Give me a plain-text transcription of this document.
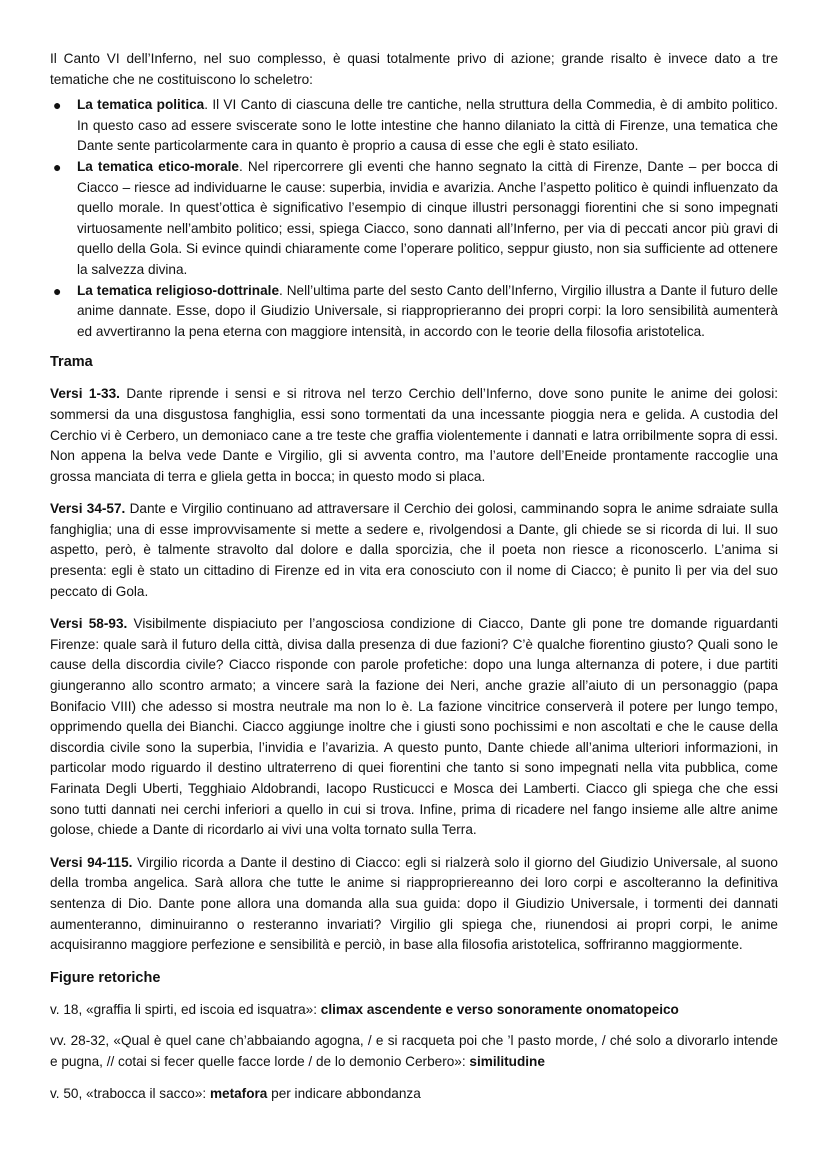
Il Canto VI dell’Inferno, nel suo complesso, è quasi totalmente privo di azione; grande risalto è invece dato a tre tematiche che ne costituiscono lo scheletro:

● La tematica politica. Il VI Canto di ciascuna delle tre cantiche, nella struttura della Commedia, è di ambito politico. In questo caso ad essere sviscerate sono le lotte intestine che hanno dilaniato la città di Firenze, una tematica che Dante sente particolarmente cara in quanto è proprio a causa di esse che egli è stato esiliato.
● La tematica etico-morale. Nel ripercorrere gli eventi che hanno segnato la città di Firenze, Dante – per bocca di Ciacco – riesce ad individuarne le cause: superbia, invidia e avarizia. Anche l’aspetto politico è quindi influenzato da quello morale. In quest’ottica è significativo l’esempio di cinque illustri personaggi fiorentini che si sono impegnati virtuosamente nell’ambito politico; essi, spiega Ciacco, sono dannati all’Inferno, per via di peccati ancor più gravi di quello della Gola. Si evince quindi chiaramente come l’operare politico, seppur giusto, non sia sufficiente ad ottenere la salvezza divina.
● La tematica religioso-dottrinale. Nell’ultima parte del sesto Canto dell’Inferno, Virgilio illustra a Dante il futuro delle anime dannate. Esse, dopo il Giudizio Universale, si riapproprieranno dei propri corpi: la loro sensibilità aumenterà ed avvertiranno la pena eterna con maggiore intensità, in accordo con le teorie della filosofia aristotelica.
Trama

Versi 1-33. Dante riprende i sensi e si ritrova nel terzo Cerchio dell’Inferno, dove sono punite le anime dei golosi: sommersi da una disgustosa fanghiglia, essi sono tormentati da una incessante pioggia nera e gelida. A custodia del Cerchio vi è Cerbero, un demoniaco cane a tre teste che graffia violentemente i dannati e latra orribilmente sopra di essi. Non appena la belva vede Dante e Virgilio, gli si avventa contro, ma l’autore dell’Eneide prontamente raccoglie una grossa manciata di terra e gliela getta in bocca; in questo modo si placa.

Versi 34-57. Dante e Virgilio continuano ad attraversare il Cerchio dei golosi, camminando sopra le anime sdraiate sulla fanghiglia; una di esse improvvisamente si mette a sedere e, rivolgendosi a Dante, gli chiede se si ricorda di lui. Il suo aspetto, però, è talmente stravolto dal dolore e dalla sporcizia, che il poeta non riesce a riconoscerlo. L’anima si presenta: egli è stato un cittadino di Firenze ed in vita era conosciuto con il nome di Ciacco; è punito lì per via del suo peccato di Gola.

Versi 58-93. Visibilmente dispiaciuto per l’angosciosa condizione di Ciacco, Dante gli pone tre domande riguardanti Firenze: quale sarà il futuro della città, divisa dalla presenza di due fazioni? C’è qualche fiorentino giusto? Quali sono le cause della discordia civile? Ciacco risponde con parole profetiche: dopo una lunga alternanza di potere, i due partiti giungeranno allo scontro armato; a vincere sarà la fazione dei Neri, anche grazie all’aiuto di un personaggio (papa Bonifacio VIII) che adesso si mostra neutrale ma non lo è. La fazione vincitrice conserverà il potere per lungo tempo, opprimendo quella dei Bianchi. Ciacco aggiunge inoltre che i giusti sono pochissimi e non ascoltati e che le cause della discordia civile sono la superbia, l’invidia e l’avarizia. A questo punto, Dante chiede all’anima ulteriori informazioni, in particolar modo riguardo il destino ultraterreno di quei fiorentini che tanto si sono impegnati nella vita pubblica, come Farinata Degli Uberti, Tegghiaio Aldobrandi, Iacopo Rusticucci e Mosca dei Lamberti. Ciacco gli spiega che che essi sono tutti dannati nei cerchi inferiori a quello in cui si trova. Infine, prima di ricadere nel fango insieme alle altre anime golose, chiede a Dante di ricordarlo ai vivi una volta tornato sulla Terra.

Versi 94-115. Virgilio ricorda a Dante il destino di Ciacco: egli si rialzerà solo il giorno del Giudizio Universale, al suono della tromba angelica. Sarà allora che tutte le anime si riappropriereanno dei loro corpi e ascolteranno la definitiva sentenza di Dio. Dante pone allora una domanda alla sua guida: dopo il Giudizio Universale, i tormenti dei dannati aumenteranno, diminuiranno o resteranno invariati? Virgilio gli spiega che, riunendosi ai propri corpi, le anime acquisiranno maggiore perfezione e sensibilità e perciò, in base alla filosofia aristotelica, soffriranno maggiormente.

Figure retoriche

v. 18, «graffia li spirti, ed iscoia ed isquatra»: climax ascendente e verso sonoramente onomatopeico

vv. 28-32, «Qual è quel cane ch’abbaiando agogna, / e si racqueta poi che ’l pasto morde, / ché solo a divorarlo intende e pugna, // cotai si fecer quelle facce lorde / de lo demonio Cerbero»: similitudine

v. 50, «trabocca il sacco»: metafora per indicare abbondanza
